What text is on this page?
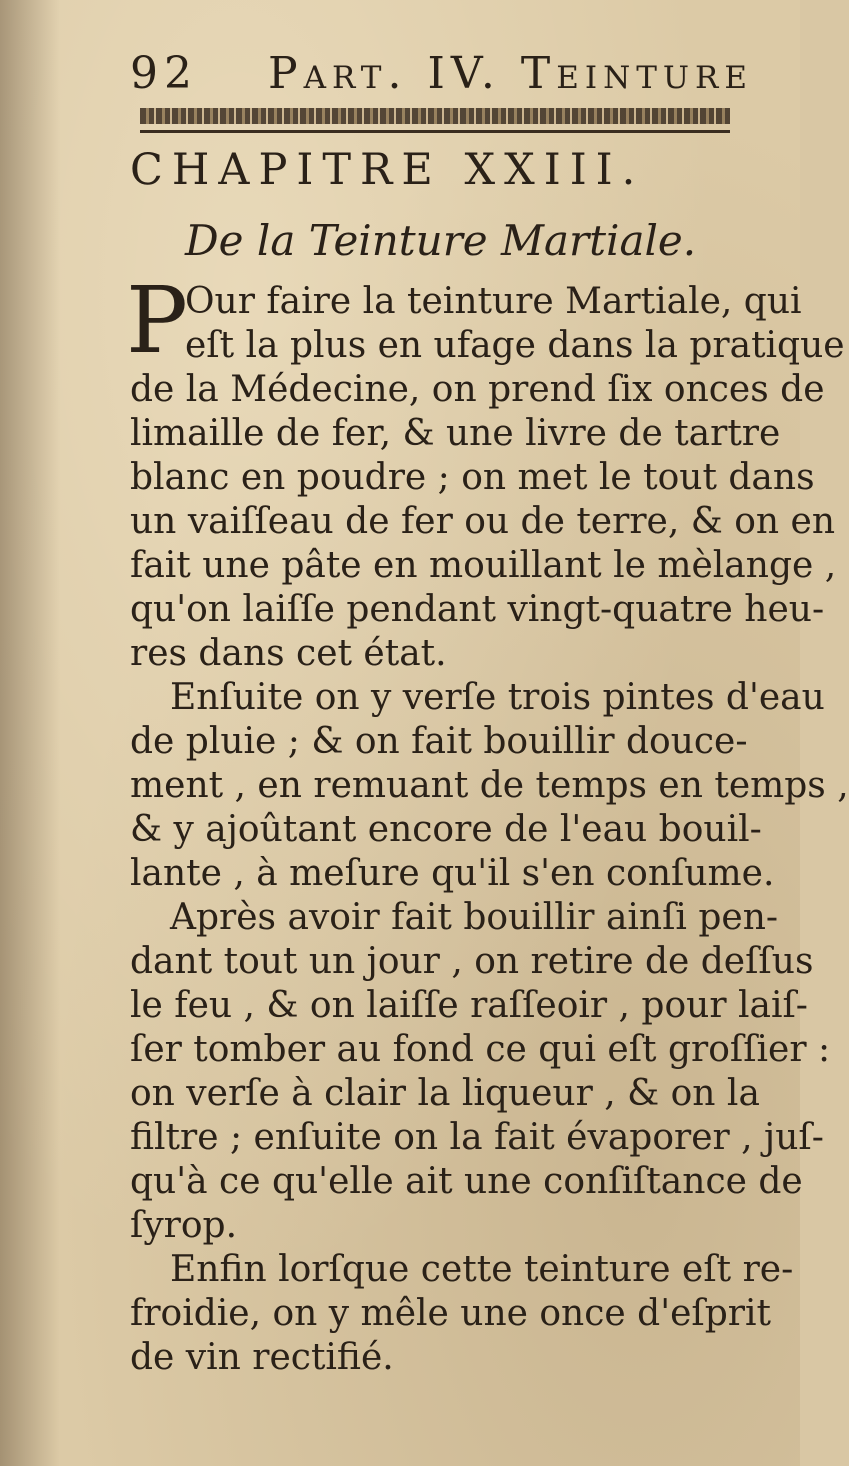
92 Part. IV. Teinture
CHAPITRE XXIII.
De la Teinture Martiale.
P
Our faire la teinture Martiale, qui
eſt la plus en ufage dans la pratique
de la Médecine, on prend ſix onces de
limaille de fer, & une livre de tartre
blanc en poudre ; on met le tout dans
un vaiſſeau de fer ou de terre, & on en
fait une pâte en mouillant le mèlange ,
qu'on laiſſe pendant vingt-quatre heu-
res dans cet état.
Enſuite on y verſe trois pintes d'eau
de pluie ; & on fait bouillir douce-
ment , en remuant de temps en temps ,
& y ajoûtant encore de l'eau bouil-
lante , à meſure qu'il s'en conſume.
Après avoir fait bouillir ainſi pen-
dant tout un jour , on retire de deſſus
le feu , & on laiſſe raſſeoir , pour laiſ-
ſer tomber au fond ce qui eſt groſſier :
on verſe à clair la liqueur , & on la
filtre ; enſuite on la fait évaporer , juſ-
qu'à ce qu'elle ait une conſiſtance de
ſyrop.
Enfin lorſque cette teinture eſt re-
froidie, on y mêle une once d'eſprit
de vin rectifié.
